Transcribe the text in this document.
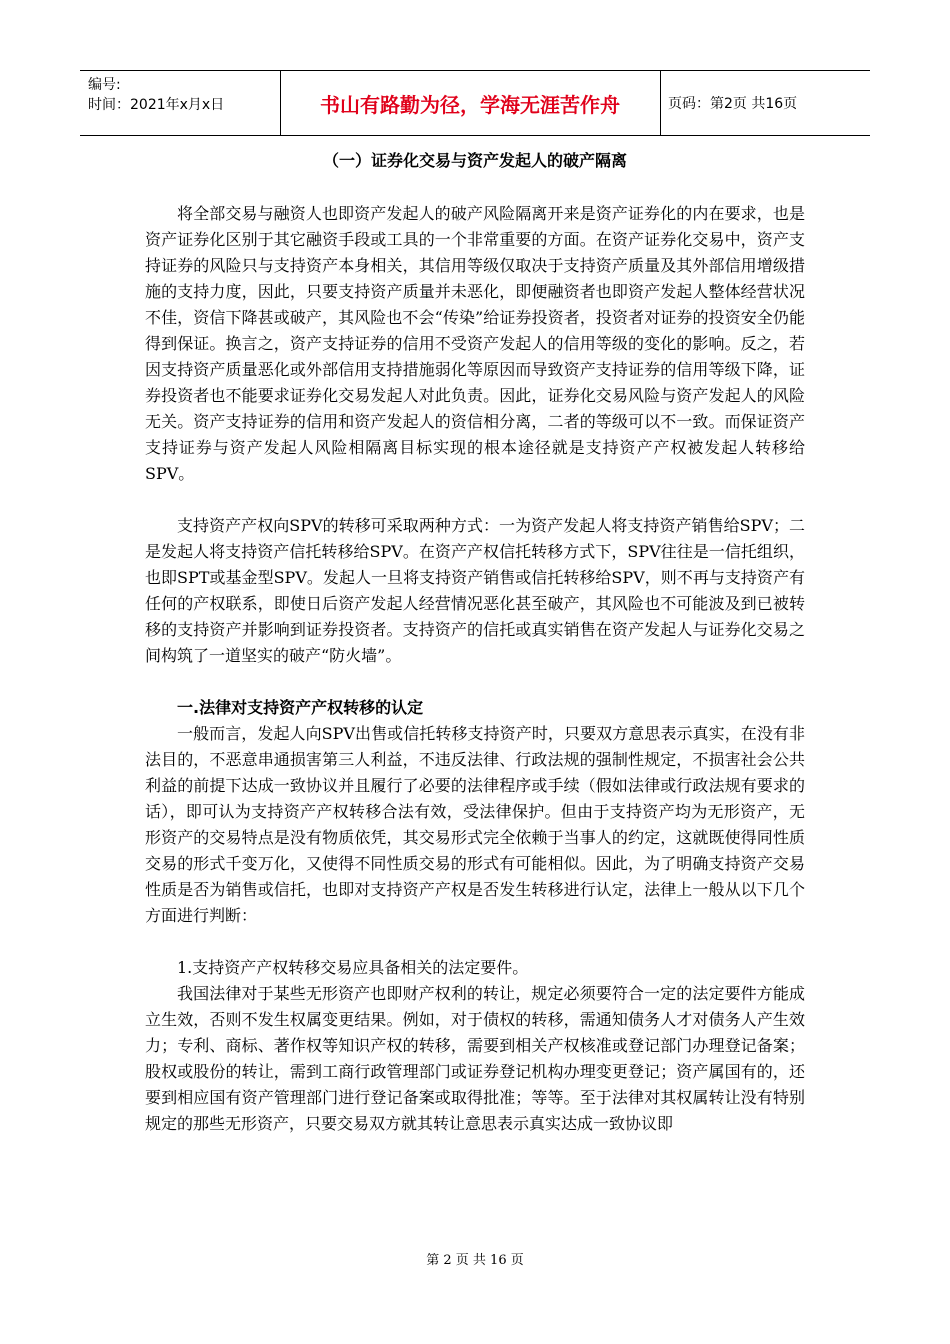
编号:
时间：2021年x月x日	书山有路勤为径，学海无涯苦作舟	页码：第2页 共16页
（一）证券化交易与资产发起人的破产隔离

将全部交易与融资人也即资产发起人的破产风险隔离开来是资产证券化的内在要求，也是资产证券化区别于其它融资手段或工具的一个非常重要的方面。在资产证券化交易中，资产支持证券的风险只与支持资产本身相关，其信用等级仅取决于支持资产质量及其外部信用增级措施的支持力度，因此，只要支持资产质量并未恶化，即便融资者也即资产发起人整体经营状况不佳，资信下降甚或破产，其风险也不会“传染”给证券投资者，投资者对证券的投资安全仍能得到保证。换言之，资产支持证券的信用不受资产发起人的信用等级的变化的影响。反之，若因支持资产质量恶化或外部信用支持措施弱化等原因而导致资产支持证券的信用等级下降，证券投资者也不能要求证券化交易发起人对此负责。因此，证券化交易风险与资产发起人的风险无关。资产支持证券的信用和资产发起人的资信相分离，二者的等级可以不一致。而保证资产支持证券与资产发起人风险相隔离目标实现的根本途径就是支持资产产权被发起人转移给SPV。

支持资产产权向SPV的转移可采取两种方式：一为资产发起人将支持资产销售给SPV；二是发起人将支持资产信托转移给SPV。在资产产权信托转移方式下，SPV往往是一信托组织，也即SPT或基金型SPV。发起人一旦将支持资产销售或信托转移给SPV，则不再与支持资产有任何的产权联系，即使日后资产发起人经营情况恶化甚至破产，其风险也不可能波及到已被转移的支持资产并影响到证券投资者。支持资产的信托或真实销售在资产发起人与证券化交易之间构筑了一道坚实的破产“防火墙”。

一.法律对支持资产产权转移的认定

一般而言，发起人向SPV出售或信托转移支持资产时，只要双方意思表示真实，在没有非法目的，不恶意串通损害第三人利益，不违反法律、行政法规的强制性规定，不损害社会公共利益的前提下达成一致协议并且履行了必要的法律程序或手续（假如法律或行政法规有要求的话），即可认为支持资产产权转移合法有效，受法律保护。但由于支持资产均为无形资产，无形资产的交易特点是没有物质依凭，其交易形式完全依赖于当事人的约定，这就既使得同性质交易的形式千变万化，又使得不同性质交易的形式有可能相似。因此，为了明确支持资产交易性质是否为销售或信托，也即对支持资产产权是否发生转移进行认定，法律上一般从以下几个方面进行判断：

1.支持资产产权转移交易应具备相关的法定要件。

我国法律对于某些无形资产也即财产权利的转让，规定必须要符合一定的法定要件方能成立生效，否则不发生权属变更结果。例如，对于债权的转移，需通知债务人才对债务人产生效力；专利、商标、著作权等知识产权的转移，需要到相关产权核准或登记部门办理登记备案；股权或股份的转让，需到工商行政管理部门或证券登记机构办理变更登记；资产属国有的，还要到相应国有资产管理部门进行登记备案或取得批准；等等。至于法律对其权属转让没有特别规定的那些无形资产，只要交易双方就其转让意思表示真实达成一致协议即

第 2 页 共 16 页
